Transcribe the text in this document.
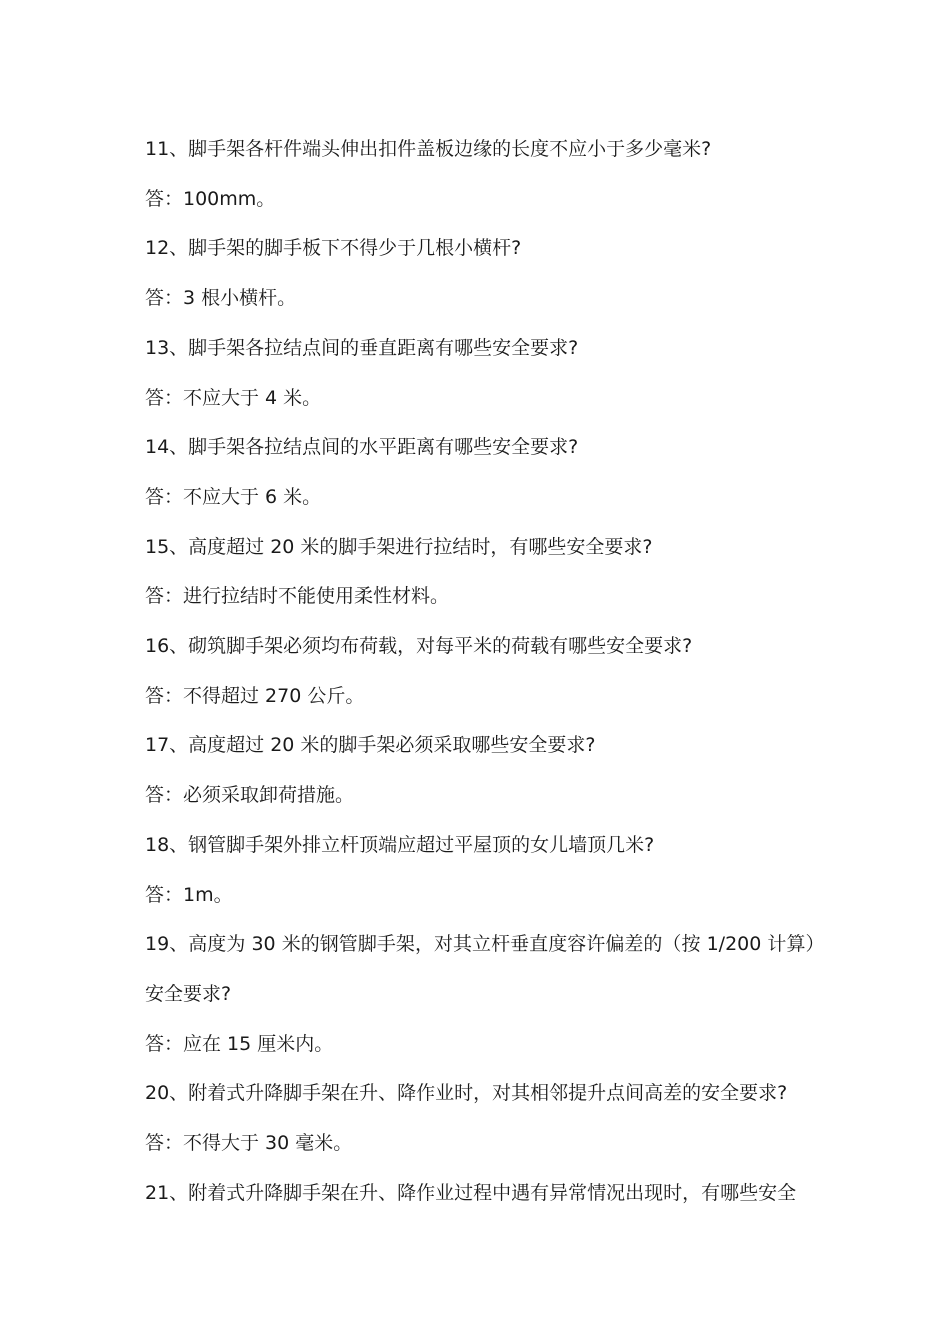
11、脚手架各杆件端头伸出扣件盖板边缘的长度不应小于多少毫米?

答：100mm。

12、脚手架的脚手板下不得少于几根小横杆?

答：3 根小横杆。

13、脚手架各拉结点间的垂直距离有哪些安全要求?

答：不应大于 4 米。

14、脚手架各拉结点间的水平距离有哪些安全要求?

答：不应大于 6 米。

15、高度超过 20 米的脚手架进行拉结时，有哪些安全要求?

答：进行拉结时不能使用柔性材料。

16、砌筑脚手架必须均布荷载，对每平米的荷载有哪些安全要求?

答：不得超过 270 公斤。

17、高度超过 20 米的脚手架必须采取哪些安全要求?

答：必须采取卸荷措施。

18、钢管脚手架外排立杆顶端应超过平屋顶的女儿墙顶几米?

答：1m。

19、高度为 30 米的钢管脚手架，对其立杆垂直度容许偏差的（按 1/200 计算）安全要求?

答：应在 15 厘米内。

20、附着式升降脚手架在升、降作业时，对其相邻提升点间高差的安全要求?

答：不得大于 30 毫米。

21、附着式升降脚手架在升、降作业过程中遇有异常情况出现时，有哪些安全
